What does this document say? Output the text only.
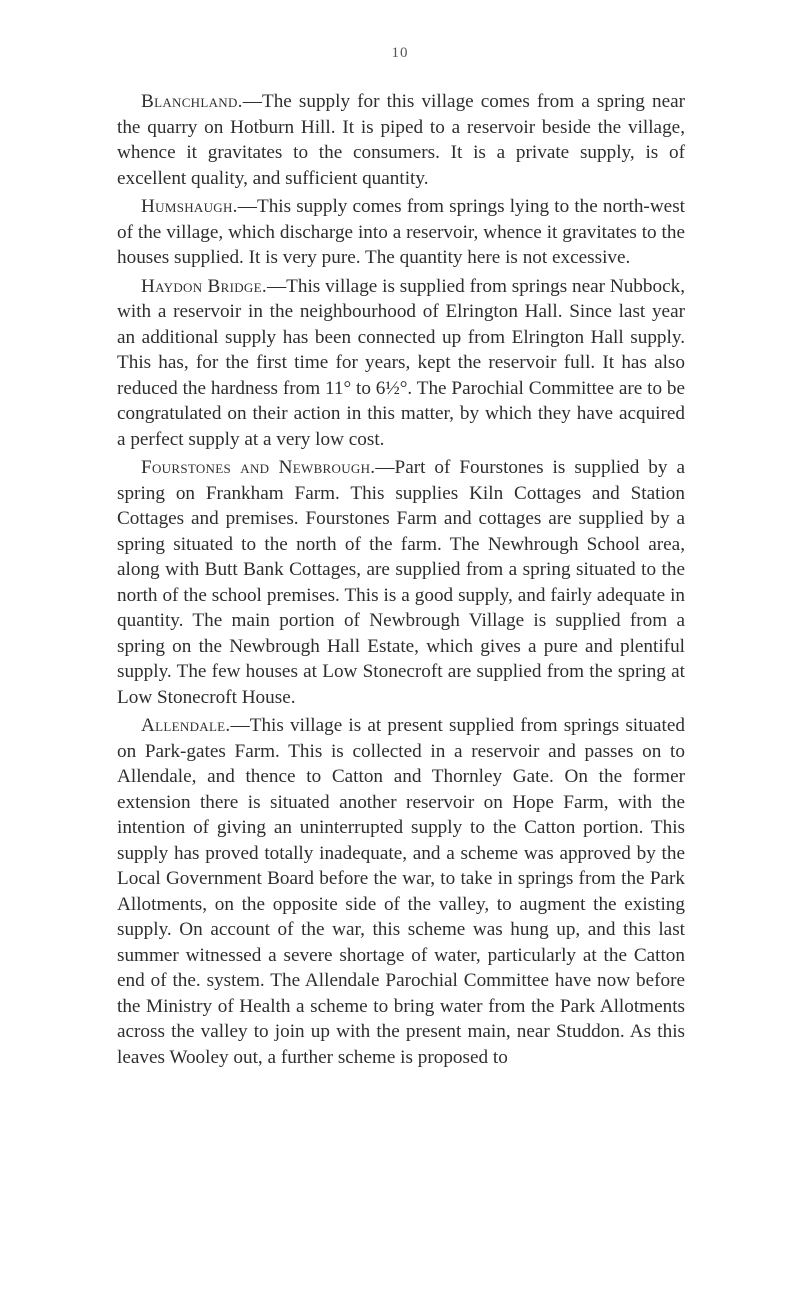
10

Blanchland.—The supply for this village comes from a spring near the quarry on Hotburn Hill. It is piped to a reservoir beside the village, whence it gravitates to the consumers. It is a private supply, is of excellent quality, and sufficient quantity.

Humshaugh.—This supply comes from springs lying to the north-west of the village, which discharge into a reservoir, whence it gravitates to the houses supplied. It is very pure. The quantity here is not excessive.

Haydon Bridge.—This village is supplied from springs near Nubbock, with a reservoir in the neighbourhood of Elrington Hall. Since last year an additional supply has been connected up from Elrington Hall supply. This has, for the first time for years, kept the reservoir full. It has also reduced the hardness from 11° to 6½°. The Parochial Committee are to be congratulated on their action in this matter, by which they have acquired a perfect supply at a very low cost.

Fourstones and Newbrough.—Part of Fourstones is supplied by a spring on Frankham Farm. This supplies Kiln Cottages and Station Cottages and premises. Fourstones Farm and cottages are supplied by a spring situated to the north of the farm. The Newhrough School area, along with Butt Bank Cottages, are supplied from a spring situated to the north of the school premises. This is a good supply, and fairly adequate in quantity. The main portion of Newbrough Village is supplied from a spring on the Newbrough Hall Estate, which gives a pure and plentiful supply. The few houses at Low Stonecroft are supplied from the spring at Low Stonecroft House.

Allendale.—This village is at present supplied from springs situated on Park-gates Farm. This is collected in a reservoir and passes on to Allendale, and thence to Catton and Thornley Gate. On the former extension there is situated another reservoir on Hope Farm, with the intention of giving an uninterrupted supply to the Catton portion. This supply has proved totally inadequate, and a scheme was approved by the Local Government Board before the war, to take in springs from the Park Allotments, on the opposite side of the valley, to augment the existing supply. On account of the war, this scheme was hung up, and this last summer witnessed a severe shortage of water, particularly at the Catton end of the. system. The Allendale Parochial Committee have now before the Ministry of Health a scheme to bring water from the Park Allotments across the valley to join up with the present main, near Studdon. As this leaves Wooley out, a further scheme is proposed to
